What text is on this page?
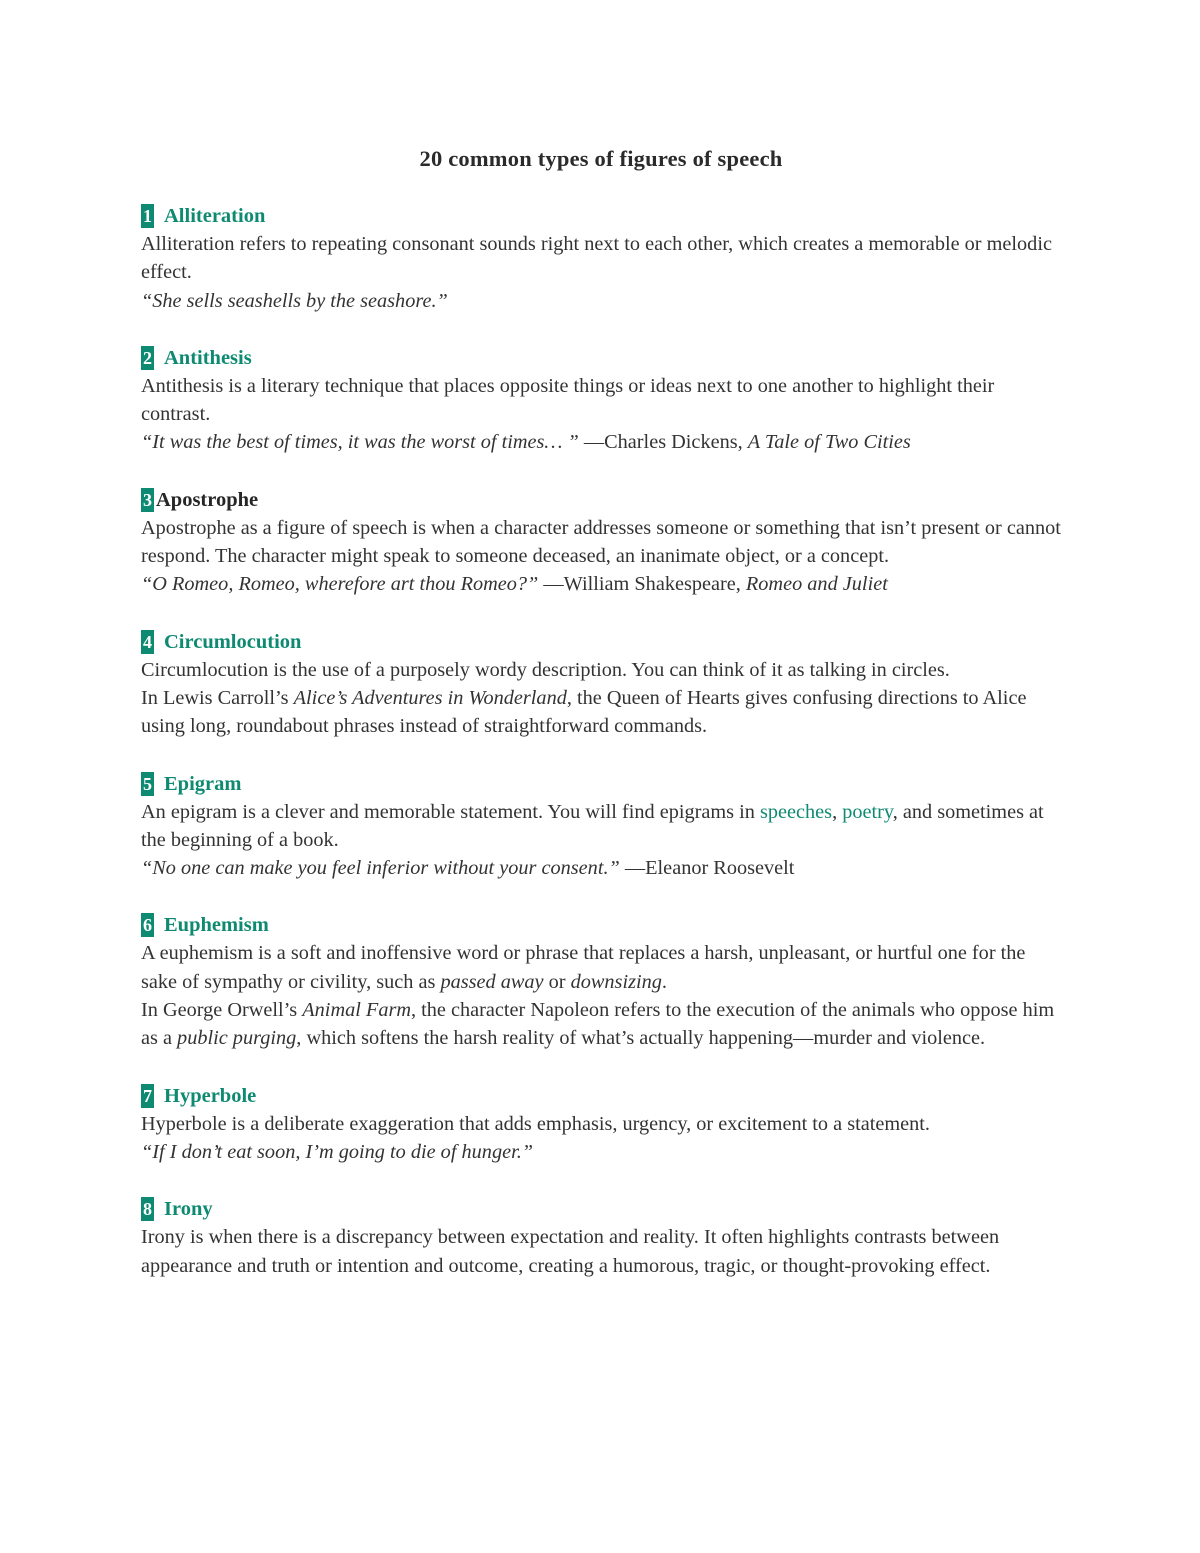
20 common types of figures of speech
1 Alliteration

Alliteration refers to repeating consonant sounds right next to each other, which creates a memorable or melodic effect.

“She sells seashells by the seashore.”

2 Antithesis

Antithesis is a literary technique that places opposite things or ideas next to one another to highlight their contrast.

“It was the best of times, it was the worst of times… ” —Charles Dickens, A Tale of Two Cities

3 Apostrophe

Apostrophe as a figure of speech is when a character addresses someone or something that isn’t present or cannot respond. The character might speak to someone deceased, an inanimate object, or a concept.

“O Romeo, Romeo, wherefore art thou Romeo?” —William Shakespeare, Romeo and Juliet

4 Circumlocution

Circumlocution is the use of a purposely wordy description. You can think of it as talking in circles.

In Lewis Carroll’s Alice’s Adventures in Wonderland, the Queen of Hearts gives confusing directions to Alice using long, roundabout phrases instead of straightforward commands.

5 Epigram

An epigram is a clever and memorable statement. You will find epigrams in speeches, poetry, and sometimes at the beginning of a book.

“No one can make you feel inferior without your consent.” —Eleanor Roosevelt

6 Euphemism

A euphemism is a soft and inoffensive word or phrase that replaces a harsh, unpleasant, or hurtful one for the sake of sympathy or civility, such as passed away or downsizing.

In George Orwell’s Animal Farm, the character Napoleon refers to the execution of the animals who oppose him as a public purging, which softens the harsh reality of what’s actually happening—murder and violence.

7 Hyperbole

Hyperbole is a deliberate exaggeration that adds emphasis, urgency, or excitement to a statement.

“If I don’t eat soon, I’m going to die of hunger.”

8 Irony

Irony is when there is a discrepancy between expectation and reality. It often highlights contrasts between appearance and truth or intention and outcome, creating a humorous, tragic, or thought-provoking effect.
